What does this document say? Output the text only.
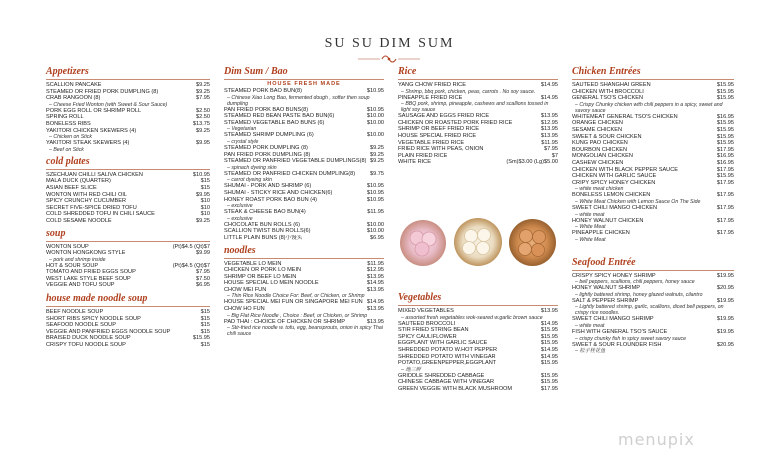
SU SU DIM SUM
Appetizers
SCALLION PANCAKE	$9.25
STEAMED OR FRIED PORK DUMPLING (8)	$9.25
CRAB RANGOON (8)	$7.95
– Cheese Fried Wonton (with Sweet & Sour Sauce)
PORK EGG ROLL OR SHRIMP ROLL	$2.50
SPRING ROLL	$2.50
BONELESS RIBS	$13.75
YAKITORI CHICKEN SKEWERS (4)	$9.25
– Chicken on Stick
YAKITORI STEAK SKEWERS (4)	$9.95
– Beef on Stick
cold plates
SZECHUAN CHILLI SALIVA CHICKEN	$10.95
MALA DUCK (QUARTER)	$15
ASIAN BEEF SLICE	$15
WONTON WITH RED CHILI OIL	$9.95
SPICY CRUNCHY CUCUMBER	$10
SECRET FIVE-SPICE DRIED TOFU	$10
COLD SHREDDED TOFU IN CHILI SAUCE	$10
COLD SESAME NOODLE	$9.25
soup
WONTON SOUP	(Pt)$4.5 (Qt)$7
WONTON HONGKONG STYLE	$9.99
– pork and shrimp inside
HOT & SOUR SOUP	(Pt)$4.5 (Qt)$7
TOMATO AND FRIED EGGS SOUP	$7.95
WEST LAKE STYLE BEEF SOUP	$7.50
VEGGIE AND TOFU SOUP	$6.95
house made noodle soup
BEEF NOODLE SOUP	$15
SHORT RIBS SPICY NOODLE SOUP	$15
SEAFOOD NOODLE SOUP	$15
VEGGIE AND PANFRIED EGGS NOODLE SOUP	$15
BRAISED DUCK NOODLE SOUP	$15.95
CRISPY TOFU NOODLE SOUP	$15
Dim Sum / Bao
HOUSE FRESH MADE
STEAMED PORK BAO BUN(8)	$10.95
– Chinese Xiao Long Bao, fermented dough , softer then soup dumpling
PAN FRIED PORK BAO BUNS(8)	$10.95
STEAMED RED BEAN PASTE BAO BUN(6)	$10.00
STEAMED VEGETABLE BAO BUNS (6)	$10.00
– Vegetarian
STEAMED SHRIMP DUMPLING (6)	$10.00
– crystal style
STEAMED PORK DUMPLING (8)	$9.25
PAN FRIED PORK DUMPLING (8)	$9.25
STEAMED OR PANFRIED VEGETABLE DUMPLINGS(8) $9.25
– spinach dyeing skin
STEAMED OR PANFRIED CHICKEN DUMPLING(8)	$9.75
– carrot dyeing skin
SHUMAI - PORK AND SHRIMP (6)	$10.95
SHUMAI - STICKY RICE AND CHICKEN(6)	$10.95
HONEY ROAST PORK BAO BUN (4)	$10.95
– exclusive
STEAK & CHEESE BAO BUN(4)	$11.95
– exclusive
CHOCOLATE BUN ROLLS (6)	$10.00
SCALLION TWIST BUN ROLLS(6)	$10.00
LITTLE PLAIN BUNS (8)小馒头	$6.95
noodles
VEGETABLE LO MEIN	$11.95
CHICKEN OR PORK LO MEIN	$12.95
SHRIMP OR BEEF LO MEIN	$13.95
HOUSE SPECIAL LO MEIN NOODLE	$14.95
CHOW MEI FUN	$13.95
– Thin Rice Noodle Choice For: Beef, or Chicken, or Shrimp
HOUSE SPECIAL MEI FUN OR SINGAPORE MEI FUN $14.95
CHOW HO FUN	$13.95
– Big Flat Rice Noodle , Choice : Beef, or Chicken, or Shrimp
PAD THAI : CHOICE OF CHICKEN OR SHRIMP	$13.95
– Stir-fried rice noodle w. tofu, egg, beansprouts, onion in spicy Thai chili sauce
Rice
YANG CHOW FRIED RICE	$14.95
– Shrimp, bbq pork, chicken, peas, carrots . No soy sauce.
PINEAPPLE FRIED RICE	$14.95
– BBQ pork, shrimp, pineapple, cashews and scallions tossed in light soy sauce
SAUSAGE AND EGGS FRIED RICE	$13.95
CHICKEN OR ROASTED PORK FRIED RICE	$12.95
SHRIMP OR BEEF FRIED RICE	$13.95
HOUSE SPECIAL FRIED RICE	$13.95
VEGETABLE FRIED RICE	$11.95
FRIED RICE WITH PEAS, ONION	$7.95
PLAIN FRIED RICE	$7
WHITE RICE	(Sm)$3.00 (Lg)$5.00
Vegetables
MIXED VEGETABLES	$13.95
– assorted fresh vegetables wok-seared w.garlic brown sauce
SAUTEED BROCCOLI	$14.95
STIR FRIED STRING BEAN	$15.95
SPICY CAULIFLOWER	$15.95
EGGPLANT WITH GARLIC SAUCE	$15.95
SHREDDED POTATO W.HOT PEPPER	$14.95
SHREDDED POTATO WITH VINEGAR	$14.95
POTATO,GREENPEPPER,EGGPLANT	$15.95
– 地三鲜
GRIDDLE SHREDDED CABBAGE	$15.95
CHINESE CABBAGE WITH VINEGAR	$15.95
GREEN VEGGIE WITH BLACK MUSHROOM	$17.95
Chicken Entrées
SAUTÉED SHANGHAI GREEN	$15.95
CHICKEN WITH BROCCOLI	$15.95
GENERAL TSO'S CHICKEN	$15.95
– Crispy Chunky chicken with chili peppers in a spicy, sweet and savory sauce
WHITEMEAT GENERAL TSO'S CHICKEN	$16.95
ORANGE CHICKEN	$15.95
SESAME CHICKEN	$15.95
SWEET & SOUR CHICKEN	$15.95
KUNG PAO CHICKEN	$15.95
BOURBON CHICKEN	$17.95
MONGOLIAN CHICKEN	$16.95
CASHEW CHICKEN	$16.95
CHICKEN WITH BLACK PEPPER SAUCE	$17.95
CHICKEN WITH GARLIC SAUCE	$15.95
CRIPY SPICY HONEY CHICKEN	$17.95
– white meat chicken
BONELESS LEMON CHICKEN	$17.95
– White Meat Chicken with Lemon Sauce On The Side
SWEET CHILI MANGO CHICKEN	$17.95
– white meat
HONEY WALNUT CHICKEN	$17.95
– White Meat
PINEAPPLE CHICKEN	$17.95
– White Meat
Seafood Entrée
CRISPY SPICY HONEY SHRIMP	$19.95
– bell peppers, scallions, chili peppers, honey sauce
HONEY WALNUT SHRIMP	$20.95
– lightly battered shrimp, honey glazed walnuts, cilantro
SALT & PEPPER SHRIMP	$19.95
– Lightly battered shrimp, garlic, scallions, diced bell peppers, on crispy rice noodles.
SWEET CHILI MANGO SHRIMP	$19.95
– white meat
FISH WITH GENERAL TSO'S SAUCE	$19.95
– crispy chunky fish in spicy sweet savory sauce
SWEET & SOUR FLOUNDER FISH	$20.95
– 松子桂花鱼
menupix
